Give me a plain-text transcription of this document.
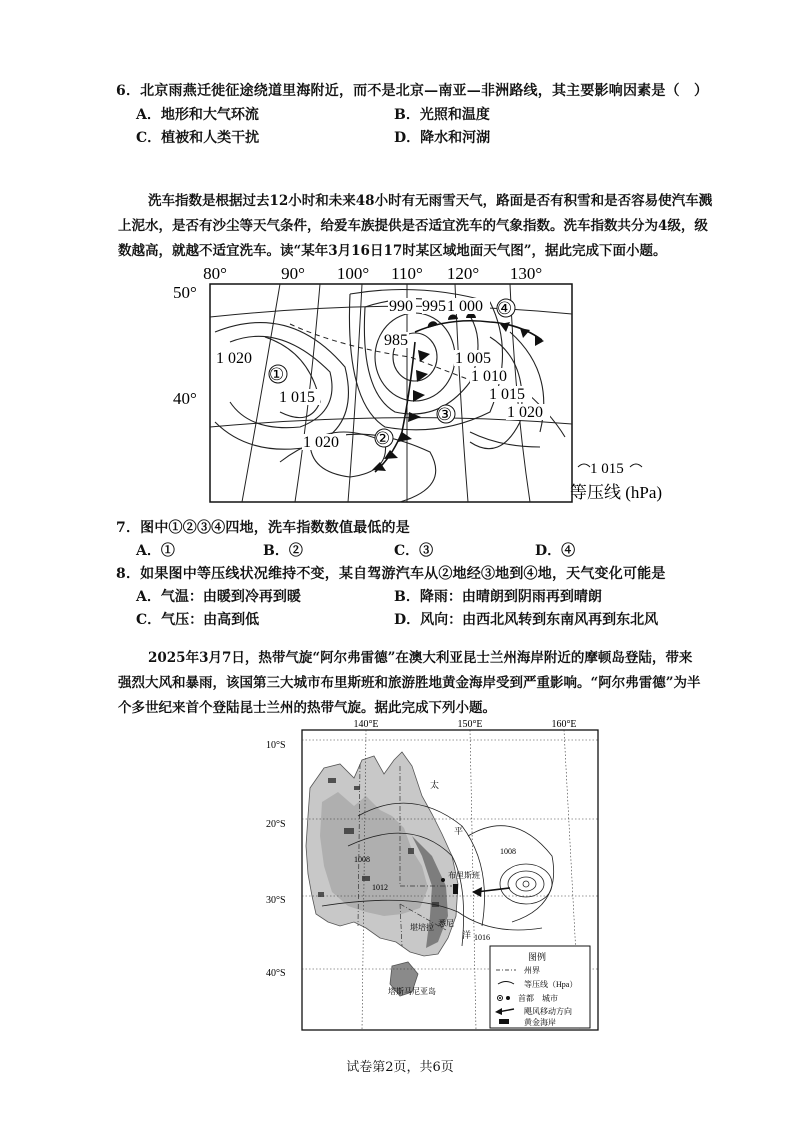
6．北京雨燕迁徙征途绕道里海附近，而不是北京—南亚—非洲路线，其主要影响因素是（　）
A．地形和大气环流	B．光照和温度
C．植被和人类干扰	D．降水和河湖
洗车指数是根据过去12小时和未来48小时有无雨雪天气，路面是否有积雪和是否容易使汽车溅
上泥水，是否有沙尘等天气条件，给爱车族提供是否适宜洗车的气象指数。洗车指数共分为4级，级
数越高，就越不适宜洗车。读“某年3月16日17时某区域地面天气图”，据此完成下面小题。
80°	90° 100° 110° 120° 130°
50°
40°
990 995 1 000
985
1 020
1 015
1 005
1 010
1 015
1 020
1 020
①
②
③
④
1 015
等压线 (hPa)
7．图中①②③④四地，洗车指数数值最低的是
A．①	B．②	C．③	D．④
8．如果图中等压线状况维持不变，某自驾游汽车从②地经③地到④地，天气变化可能是
A．气温：由暖到冷再到暖	B．降雨：由晴朗到阴雨再到晴朗
C．气压：由高到低	D．风向：由西北风转到东南风再到东北风
2025年3月7日，热带气旋“阿尔弗雷德”在澳大利亚昆士兰州海岸附近的摩顿岛登陆，带来
强烈大风和暴雨，该国第三大城市布里斯班和旅游胜地黄金海岸受到严重影响。“阿尔弗雷德”为半
个多世纪来首个登陆昆士兰州的热带气旋。据此完成下列小题。
140°E	150°E	160°E
10°S
20°S
30°S
40°S
1008
1008
1012
1016
太
平
洋
布里斯班
堪培拉 悉尼
塔斯马尼亚岛
图例
州界
等压线（Hpa）
首都　城市
飓风移动方向
黄金海岸
试卷第2页，共6页
